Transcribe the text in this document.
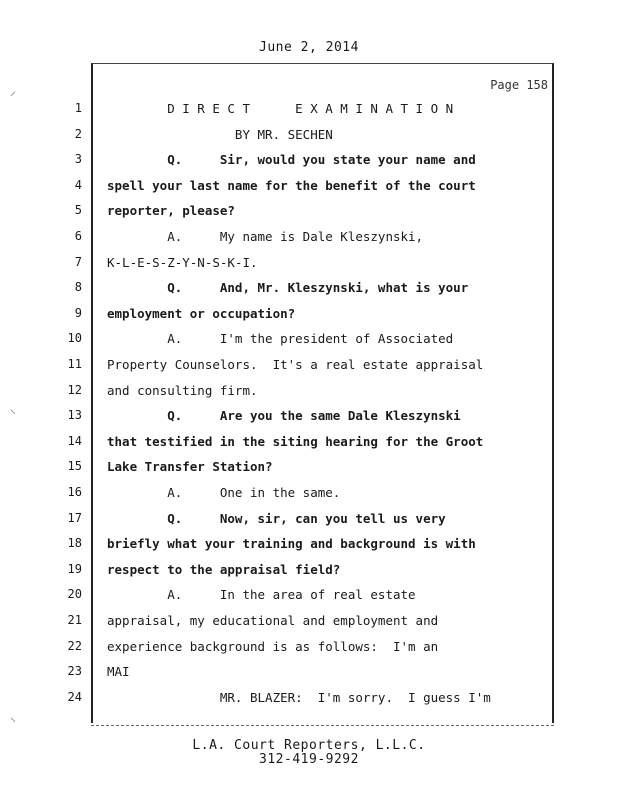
June 2, 2014
Page 158
1 D I R E C T      E X A M I N A T I O N
2 BY MR. SECHEN
3 Q.     Sir, would you state your name and
4 spell your last name for the benefit of the court
5 reporter, please?
6 A.     My name is Dale Kleszynski,
7 K-L-E-S-Z-Y-N-S-K-I.
8 Q.     And, Mr. Kleszynski, what is your
9 employment or occupation?
10 A.     I'm the president of Associated
11 Property Counselors.  It's a real estate appraisal
12 and consulting firm.
13 Q.     Are you the same Dale Kleszynski
14 that testified in the siting hearing for the Groot
15 Lake Transfer Station?
16 A.     One in the same.
17 Q.     Now, sir, can you tell us very
18 briefly what your training and background is with
19 respect to the appraisal field?
20 A.     In the area of real estate
21 appraisal, my educational and employment and
22 experience background is as follows:  I'm an
23 MAI
24 MR. BLAZER:  I'm sorry.  I guess I'm
L.A. Court Reporters, L.L.C.
312-419-9292
⸝
⸜
⸜
